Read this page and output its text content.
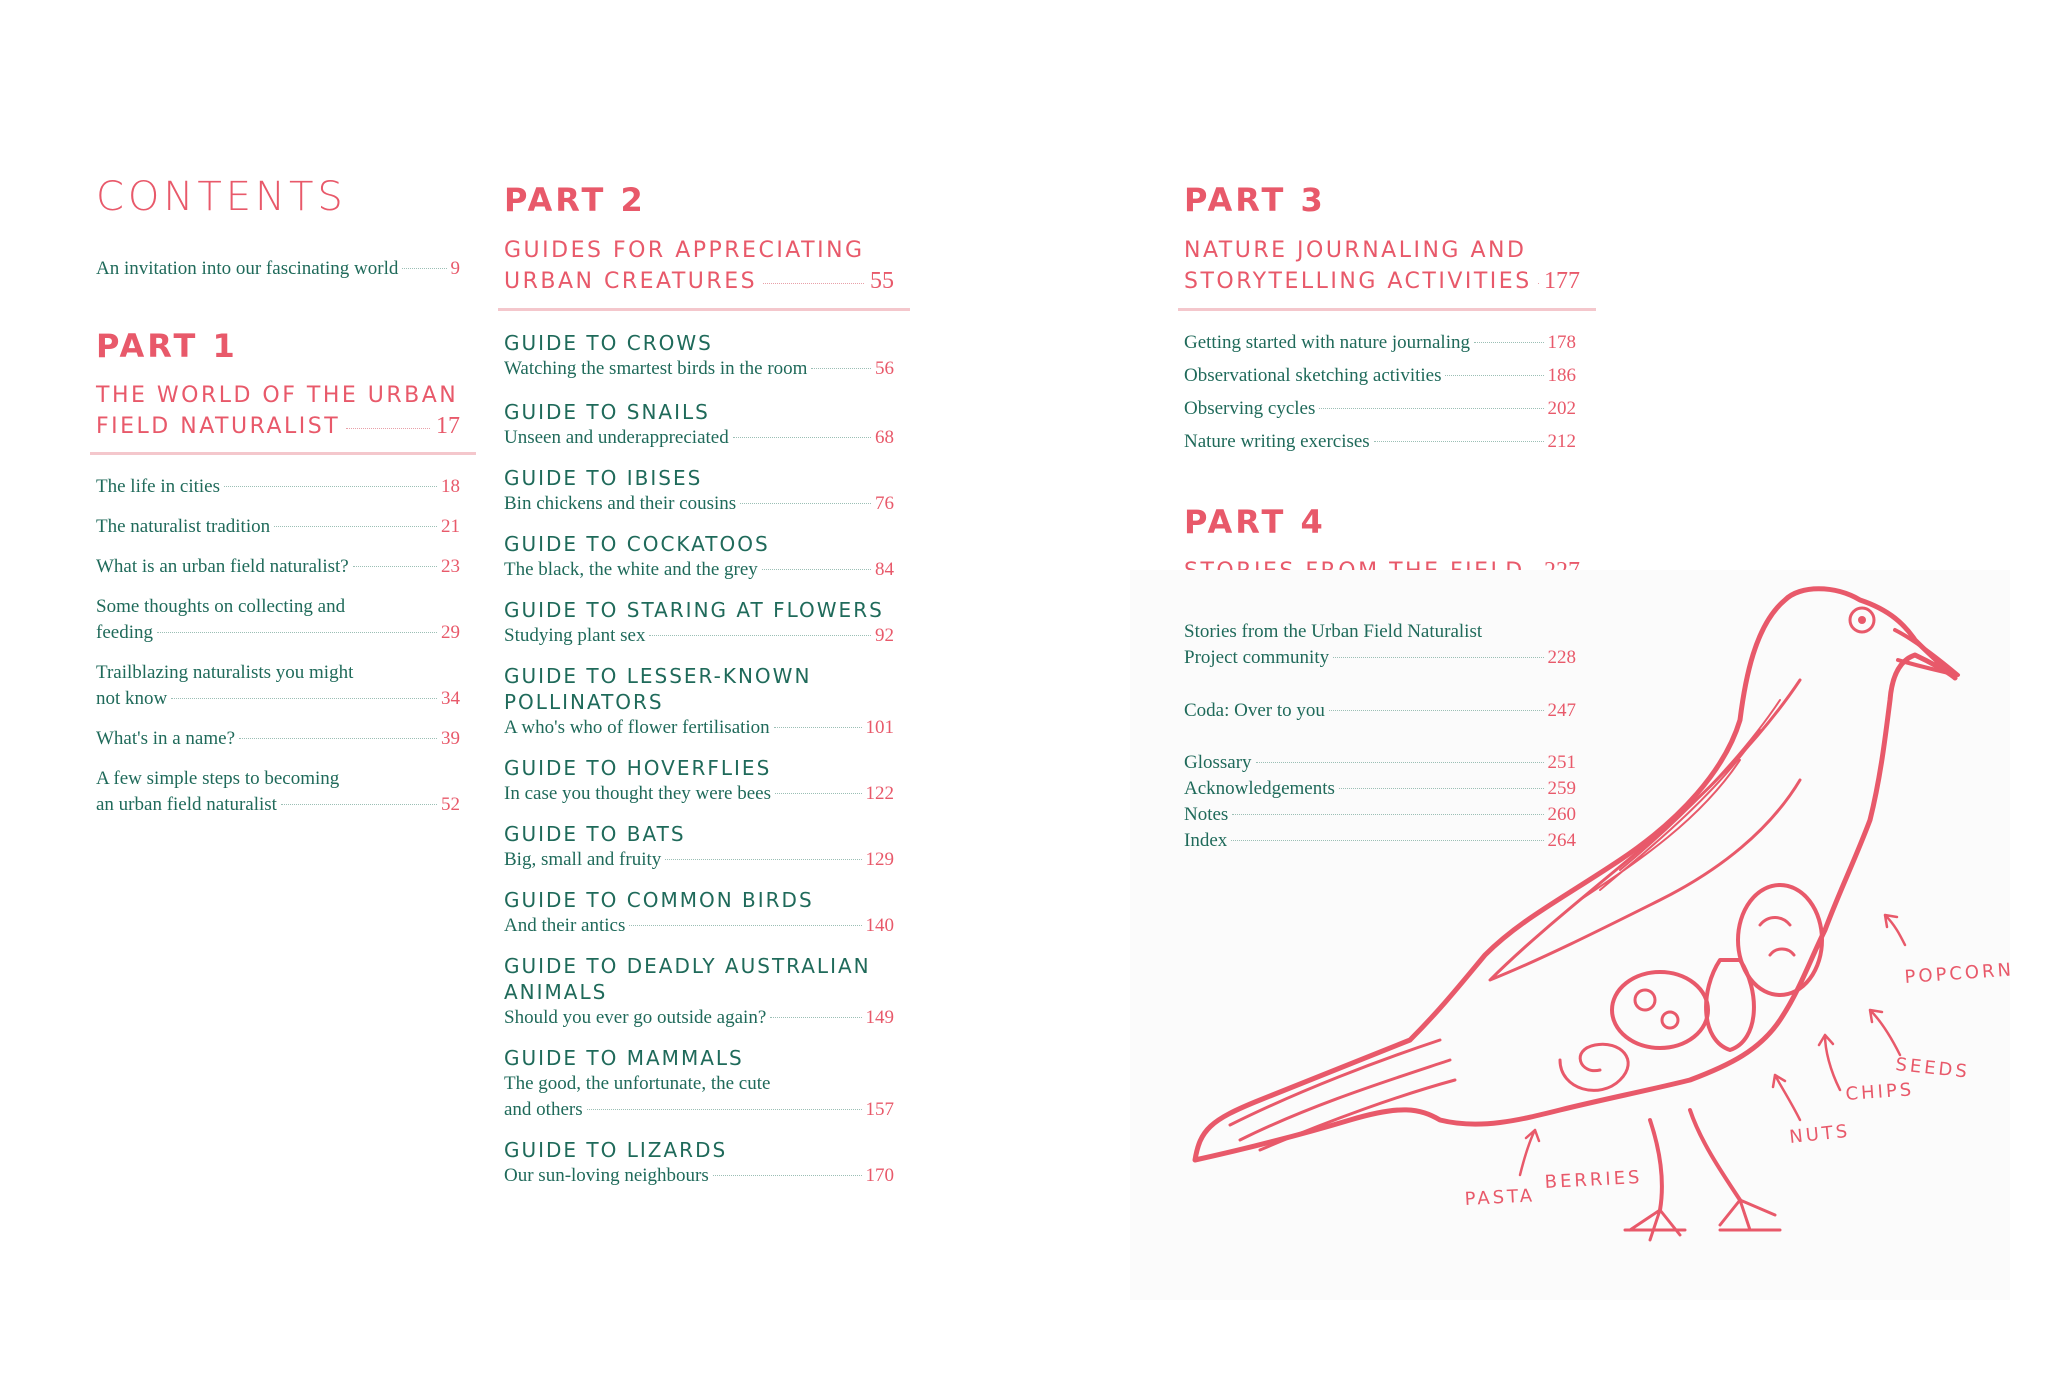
CONTENTS
An invitation into our fascinating world	9
PART 1
THE WORLD OF THE URBAN
FIELD NATURALIST	17
The life in cities	18
The naturalist tradition	21
What is an urban field naturalist?	23
Some thoughts on collecting and
feeding	29
Trailblazing naturalists you might
not know	34
What's in a name?	39
A few simple steps to becoming
an urban field naturalist	52
PART 2
GUIDES FOR APPRECIATING
URBAN CREATURES	55
GUIDE TO CROWS
Watching the smartest birds in the room	56
GUIDE TO SNAILS
Unseen and underappreciated	68
GUIDE TO IBISES
Bin chickens and their cousins	76
GUIDE TO COCKATOOS
The black, the white and the grey	84
GUIDE TO STARING AT FLOWERS
Studying plant sex	92
GUIDE TO LESSER-KNOWN
POLLINATORS
A who's who of flower fertilisation	101
GUIDE TO HOVERFLIES
In case you thought they were bees	122
GUIDE TO BATS
Big, small and fruity	129
GUIDE TO COMMON BIRDS
And their antics	140
GUIDE TO DEADLY AUSTRALIAN
ANIMALS
Should you ever go outside again?	149
GUIDE TO MAMMALS
The good, the unfortunate, the cute
and others	157
GUIDE TO LIZARDS
Our sun-loving neighbours	170
PART 3
NATURE JOURNALING AND
STORYTELLING ACTIVITIES 177
Getting started with nature journaling	178
Observational sketching activities	186
Observing cycles	202
Nature writing exercises	212
PART 4
Stories from the Urban Field Naturalist
Project community	228
Coda: Over to you	247
Glossary	251
Acknowledgements	259
Notes	260
Index	264
POPCORN
SEEDS
CHIPS
NUTS
BERRIES
PASTA
